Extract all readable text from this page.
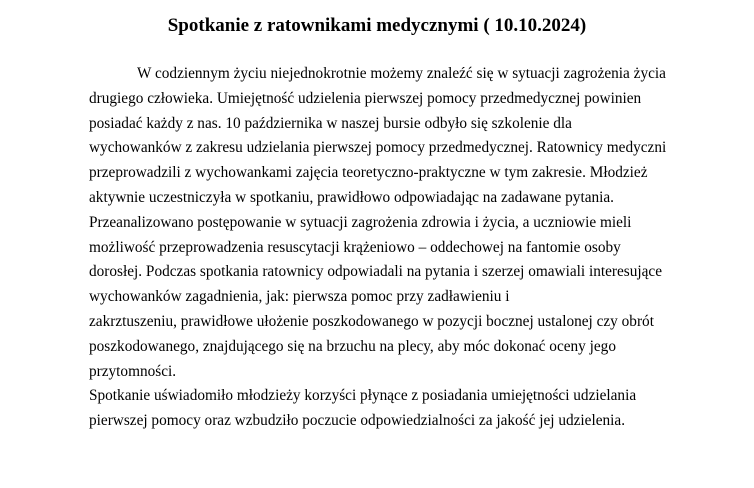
Spotkanie z ratownikami medycznymi ( 10.10.2024)
W codziennym życiu niejednokrotnie możemy znaleźć się w sytuacji zagrożenia życia
drugiego człowieka. Umiejętność udzielenia pierwszej pomocy przedmedycznej powinien
posiadać każdy z nas. 10 października w naszej bursie odbyło się szkolenie dla
wychowanków z zakresu udzielania pierwszej pomocy przedmedycznej. Ratownicy medyczni
przeprowadzili z wychowankami zajęcia teoretyczno-praktyczne w tym zakresie. Młodzież
aktywnie uczestniczyła w spotkaniu, prawidłowo odpowiadając na zadawane pytania.
Przeanalizowano postępowanie w sytuacji zagrożenia zdrowia i życia, a uczniowie mieli
możliwość przeprowadzenia resuscytacji krążeniowo – oddechowej na fantomie osoby
dorosłej. Podczas spotkania ratownicy odpowiadali na pytania i szerzej omawiali interesujące
wychowanków zagadnienia, jak: pierwsza pomoc przy zadławieniu i
zakrztuszeniu, prawidłowe ułożenie poszkodowanego w pozycji bocznej ustalonej czy obrót
poszkodowanego, znajdującego się na brzuchu na plecy, aby móc dokonać oceny jego
przytomności.
Spotkanie uświadomiło młodzieży korzyści płynące z posiadania umiejętności udzielania
pierwszej pomocy oraz wzbudziło poczucie odpowiedzialności za jakość jej udzielenia.
